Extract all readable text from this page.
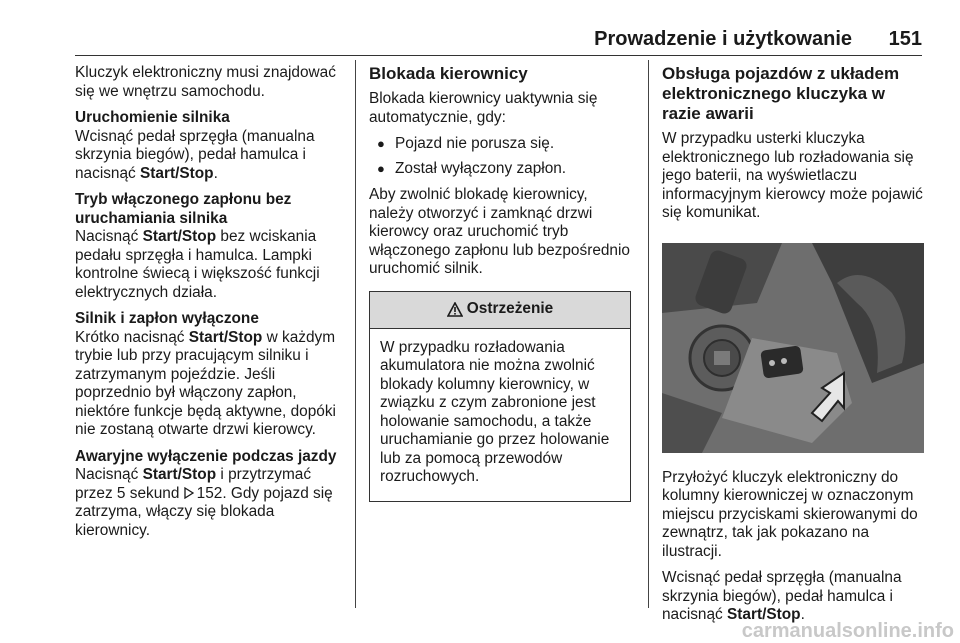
Prowadzenie i użytkowanie 151

Kluczyk elektroniczny musi znajdować się we wnętrzu samochodu.

Uruchomienie silnika

Wcisnąć pedał sprzęgła (manualna skrzynia biegów), pedał hamulca i nacisnąć Start/Stop.

Tryb włączonego zapłonu bez uruchamiania silnika

Nacisnąć Start/Stop bez wciskania pedału sprzęgła i hamulca. Lampki kontrolne świecą i większość funkcji elektrycznych działa.

Silnik i zapłon wyłączone

Krótko nacisnąć Start/Stop w każdym trybie lub przy pracującym silniku i zatrzymanym pojeździe. Jeśli poprzednio był włączony zapłon, niektóre funkcje będą aktywne, dopóki nie zostaną otwarte drzwi kierowcy.

Awaryjne wyłączenie podczas jazdy

Nacisnąć Start/Stop i przytrzymać przez 5 sekund 152. Gdy pojazd się zatrzyma, włączy się blokada kierownicy.

Blokada kierownicy

Blokada kierownicy uaktywnia się automatycznie, gdy:

● Pojazd nie porusza się.
● Został wyłączony zapłon.

Aby zwolnić blokadę kierownicy, należy otworzyć i zamknąć drzwi kierowcy oraz uruchomić tryb włączonego zapłonu lub bezpośrednio uruchomić silnik.

Ostrzeżenie
W przypadku rozładowania akumulatora nie można zwolnić blokady kolumny kierownicy, w związku z czym zabronione jest holowanie samochodu, a także uruchamianie go przez holowanie lub za pomocą przewodów rozruchowych.
Obsługa pojazdów z układem elektronicznego kluczyka w razie awarii

W przypadku usterki kluczyka elektronicznego lub rozładowania się jego baterii, na wyświetlaczu informacyjnym kierowcy może pojawić się komunikat.

Przyłożyć kluczyk elektroniczny do kolumny kierowniczej w oznaczonym miejscu przyciskami skierowanymi do zewnątrz, tak jak pokazano na ilustracji.

Wcisnąć pedał sprzęgła (manualna skrzynia biegów), pedał hamulca i nacisnąć Start/Stop.

carmanualsonline.info
